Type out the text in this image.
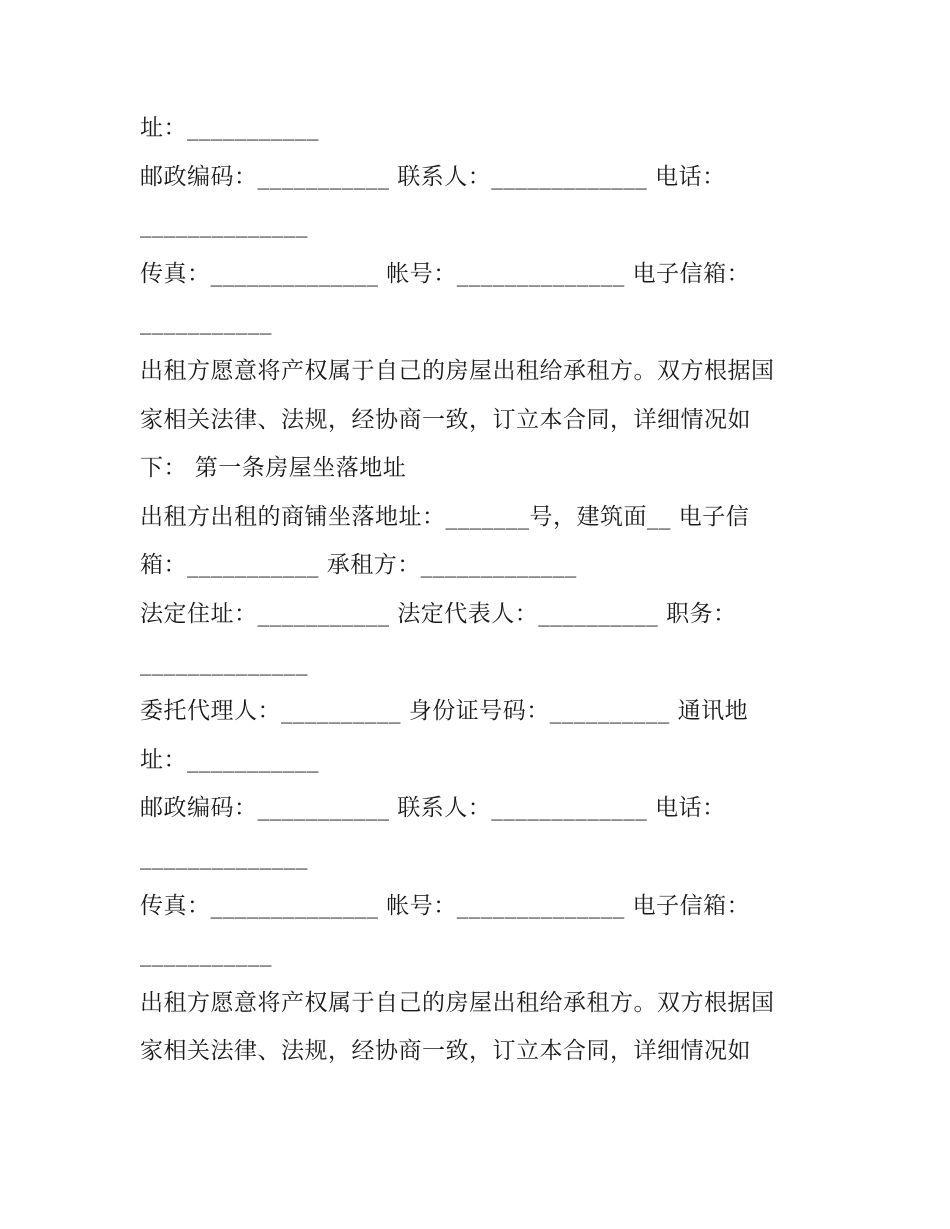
址：___________
邮政编码：___________ 联系人：_____________ 电话：
______________
传真：______________ 帐号：______________ 电子信箱：
___________
出租方愿意将产权属于自己的房屋出租给承租方。双方根据国
家相关法律、法规，经协商一致，订立本合同，详细情况如
下： 第一条房屋坐落地址
出租方出租的商铺坐落地址：_______号，建筑面__ 电子信
箱：___________ 承租方：_____________
法定住址：___________ 法定代表人：__________ 职务：
______________
委托代理人：__________ 身份证号码：__________ 通讯地
址：___________
邮政编码：___________ 联系人：_____________ 电话：
______________
传真：______________ 帐号：______________ 电子信箱：
___________
出租方愿意将产权属于自己的房屋出租给承租方。双方根据国
家相关法律、法规，经协商一致，订立本合同，详细情况如
